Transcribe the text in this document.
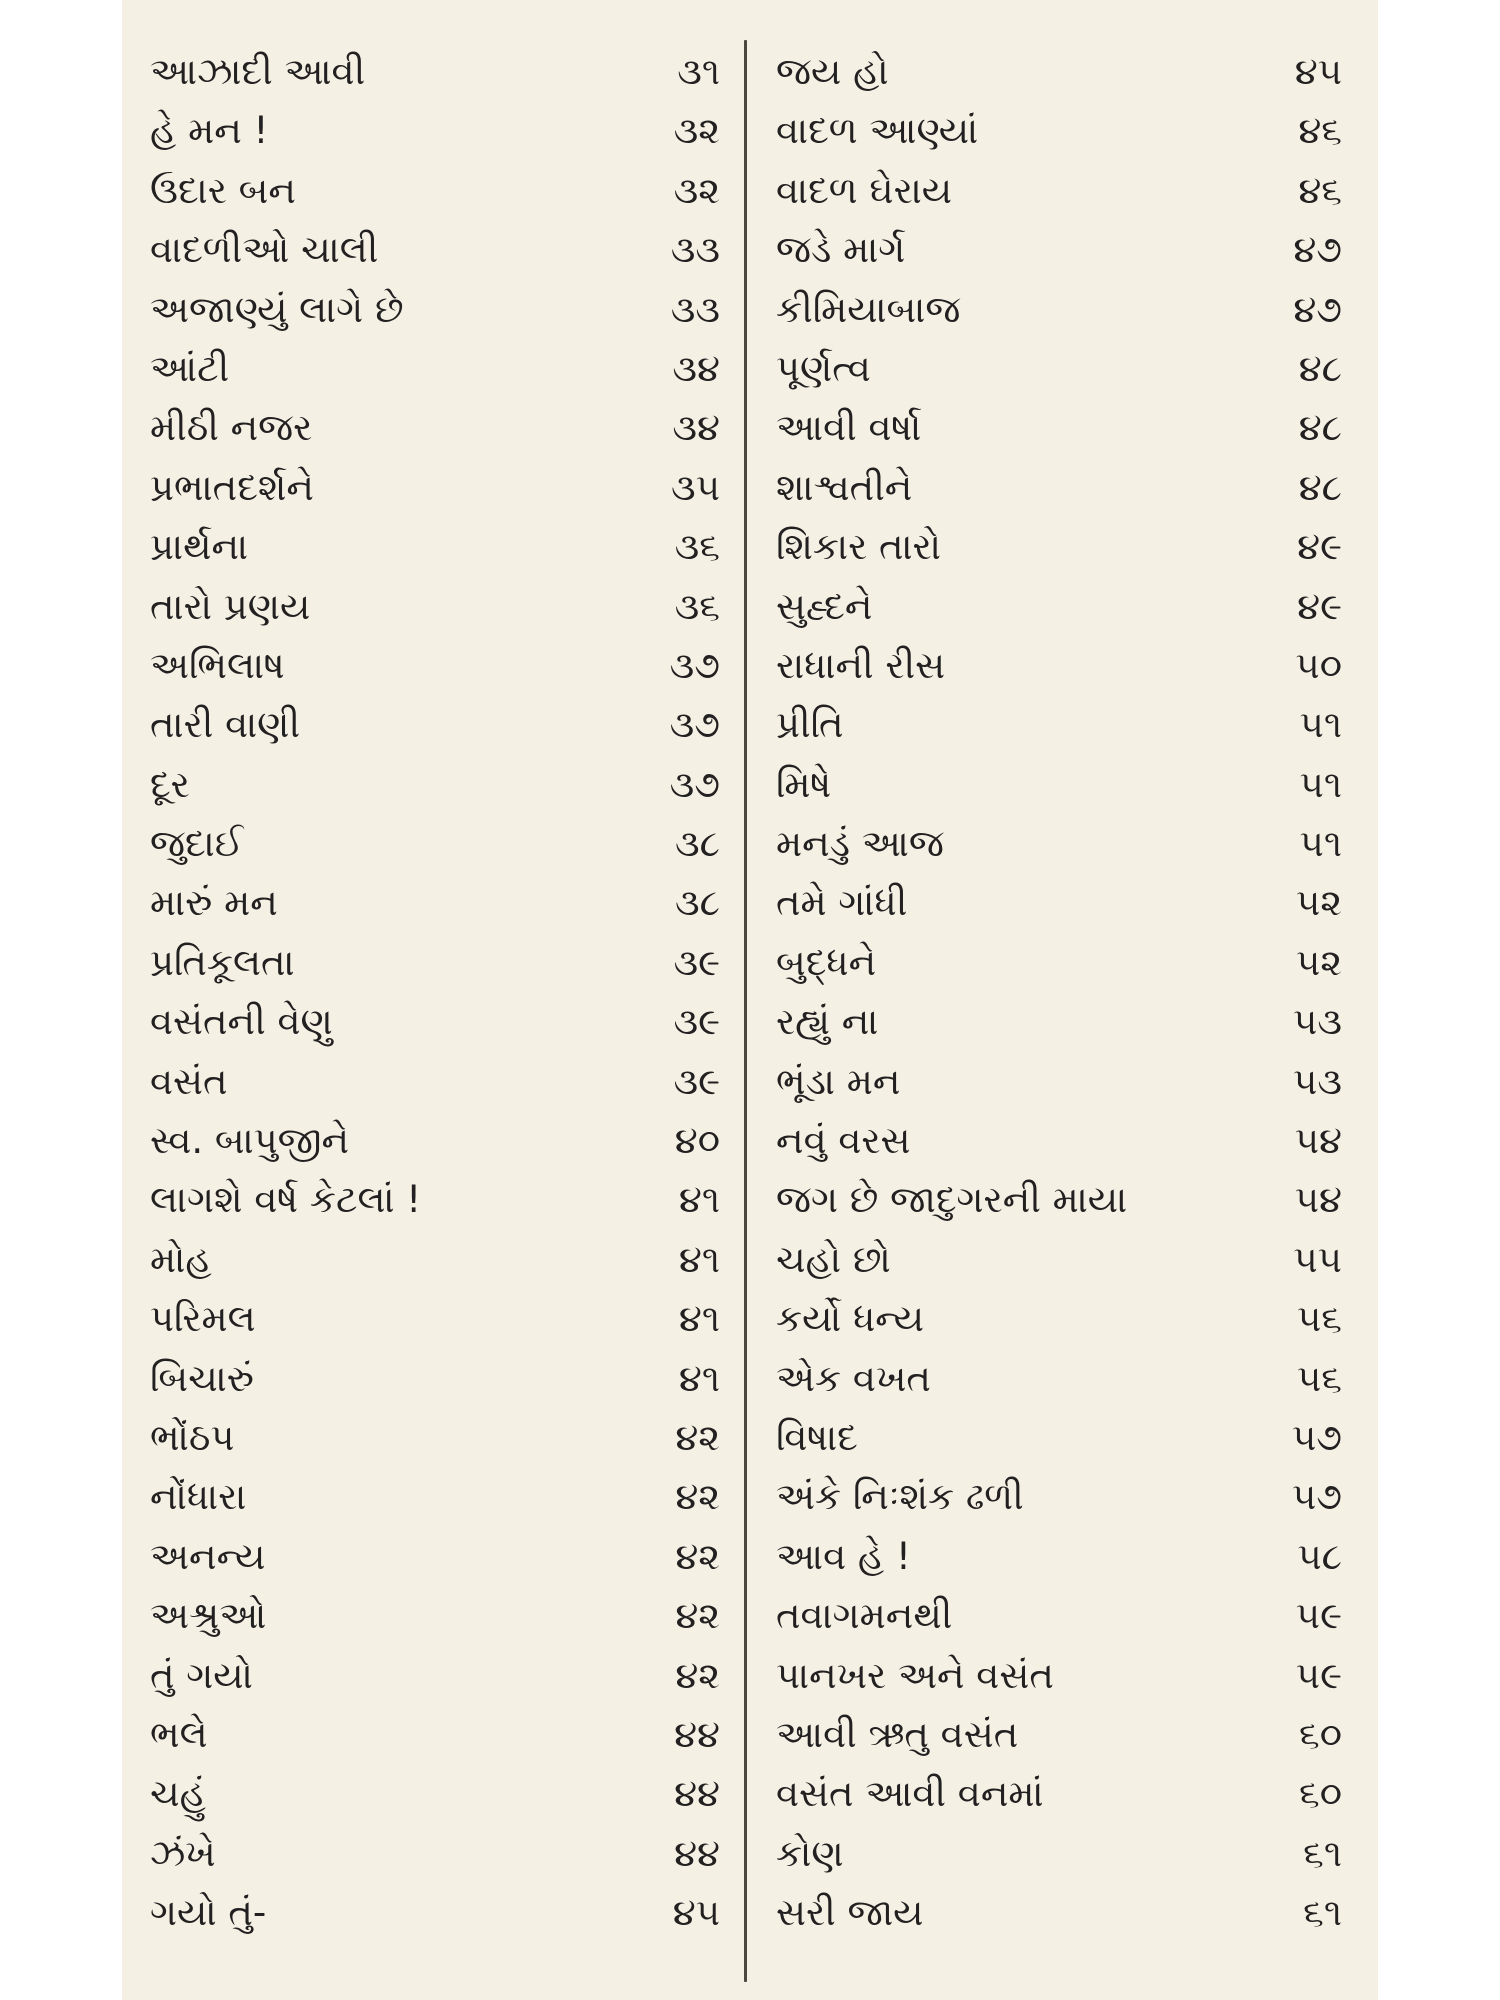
આઝાદી આવી	૩૧
હે મન !	૩૨
ઉદાર બન	૩૨
વાદળીઓ ચાલી	૩૩
અજાણ્યું લાગે છે	૩૩
આંટી	૩૪
મીઠી નજર	૩૪
પ્રભાતદર્શને	૩૫
પ્રાર્થના	૩૬
તારો પ્રણય	૩૬
અભિલાષ	૩૭
તારી વાણી	૩૭
દૂર	૩૭
જુદાઈ	૩૮
મારું મન	૩૮
પ્રતિકૂલતા	૩૯
વસંતની વેણુ	૩૯
વસંત	૩૯
સ્વ. બાપુજીને	૪૦
લાગશે વર્ષ કેટલાં !	૪૧
મોહ	૪૧
પરિમલ	૪૧
બિચારું	૪૧
ભોંઠપ	૪૨
નોંધારા	૪૨
અનન્ય	૪૨
અશ્રુઓ	૪૨
તું ગયો	૪૨
ભલે	૪૪
ચહું	૪૪
ઝંખે	૪૪
ગયો તું-	૪૫
જય હો	૪૫
વાદળ આણ્યાં	૪૬
વાદળ ઘેરાય	૪૬
જડે માર્ગ	૪૭
કીમિયાબાજ	૪૭
પૂર્ણત્વ	૪૮
આવી વર્ષા	૪૮
શાશ્વતીને	૪૮
શિકાર તારો	૪૯
સુહ્દને	૪૯
રાધાની રીસ	૫૦
પ્રીતિ	૫૧
મિષે	૫૧
મનડું આજ	૫૧
તમે ગાંધી	૫૨
બુદ્ધને	૫૨
રહ્યું ના	૫૩
ભૂંડા મન	૫૩
નવું વરસ	૫૪
જગ છે જાદુગરની માયા	૫૪
ચહો છો	૫૫
કર્યો ધન્ય	૫૬
એક વખત	૫૬
વિષાદ	૫૭
અંકે નિઃશંક ઢળી	૫૭
આવ હે !	૫૮
તવાગમનથી	૫૯
પાનખર અને વસંત	૫૯
આવી ઋતુ વસંત	૬૦
વસંત આવી વનમાં	૬૦
કોણ	૬૧
સરી જાય	૬૧
